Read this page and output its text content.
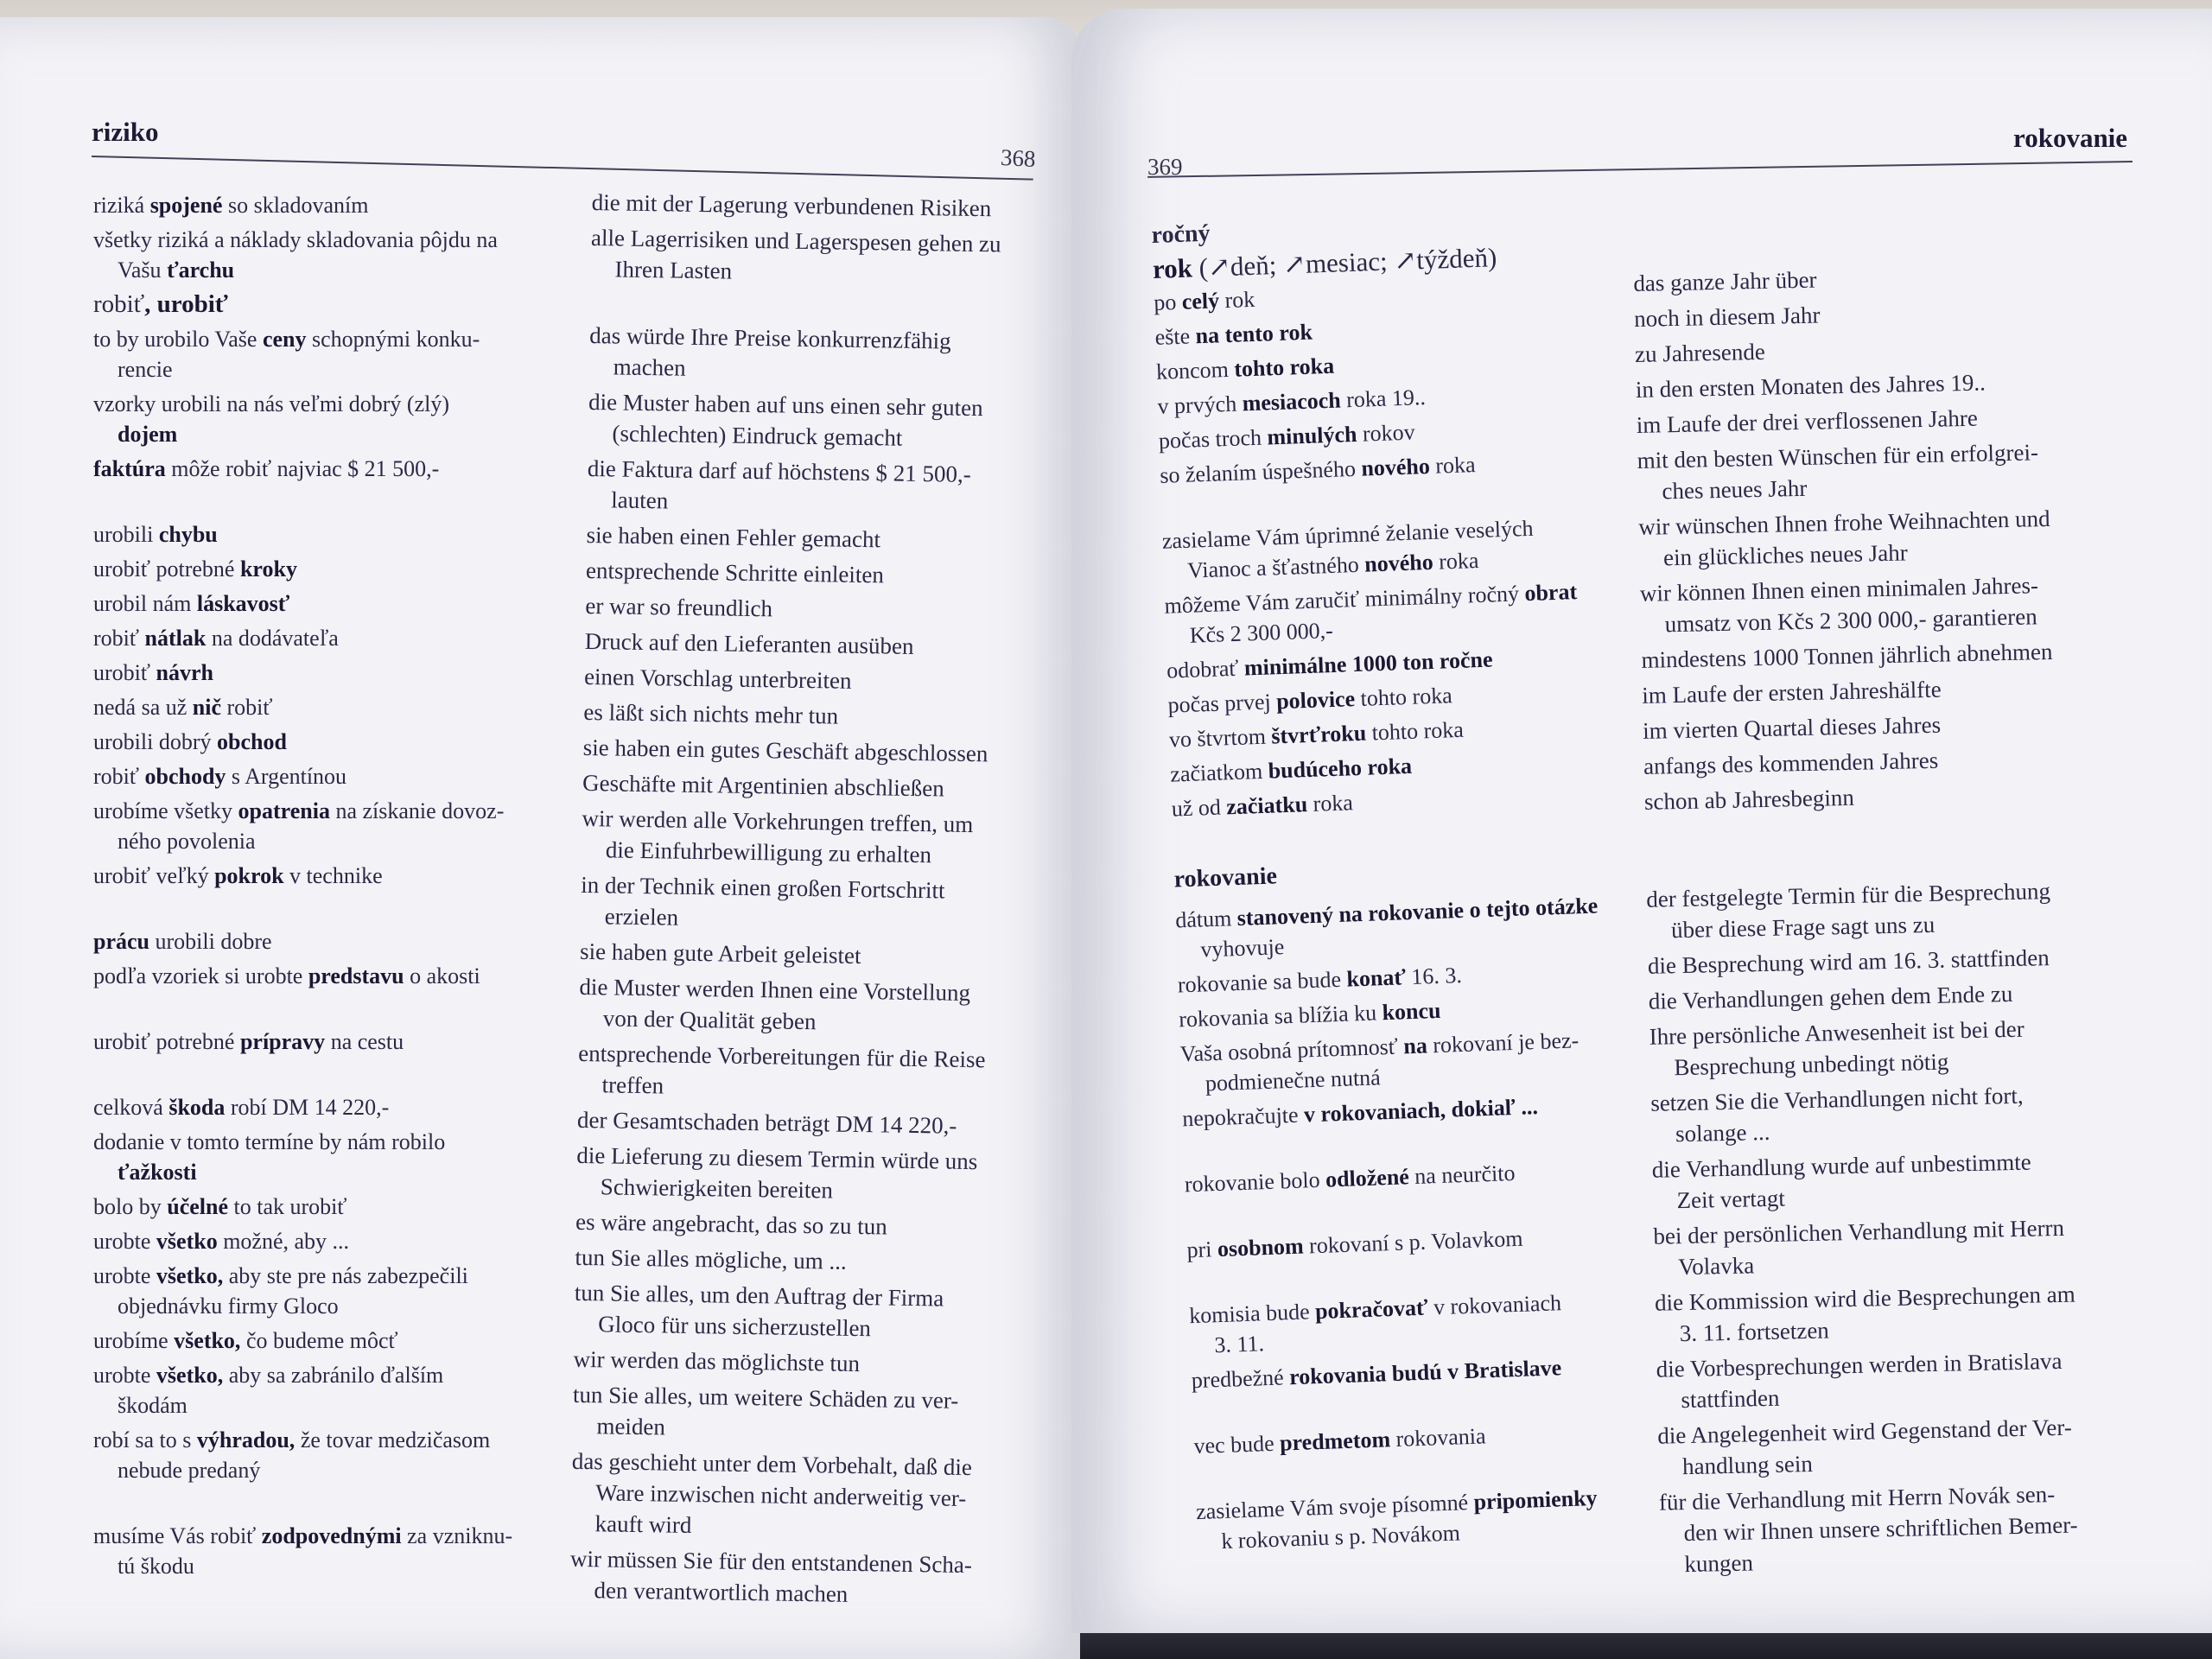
riziko
368
riziká spojené so skladovaním
všetky riziká a náklady skladovania pôjdu na
Vašu ťarchu
robiť, urobiť
to by urobilo Vaše ceny schopnými konku-
rencie
vzorky urobili na nás veľmi dobrý (zlý)
dojem
faktúra môže robiť najviac $ 21 500,-
urobili chybu
urobiť potrebné kroky
urobil nám láskavosť
robiť nátlak na dodávateľa
urobiť návrh
nedá sa už nič robiť
urobili dobrý obchod
robiť obchody s Argentínou
urobíme všetky opatrenia na získanie dovoz-
ného povolenia
urobiť veľký pokrok v technike
prácu urobili dobre
podľa vzoriek si urobte predstavu o akosti
urobiť potrebné prípravy na cestu
celková škoda robí DM 14 220,-
dodanie v tomto termíne by nám robilo
ťažkosti
bolo by účelné to tak urobiť
urobte všetko možné, aby ...
urobte všetko, aby ste pre nás zabezpečili
objednávku firmy Gloco
urobíme všetko, čo budeme môcť
urobte všetko, aby sa zabránilo ďalším
škodám
robí sa to s výhradou, že tovar medzičasom
nebude predaný
musíme Vás robiť zodpovednými za vzniknu-
tú škodu
die mit der Lagerung verbundenen Risiken
alle Lagerrisiken und Lagerspesen gehen zu
Ihren Lasten
das würde Ihre Preise konkurrenzfähig
machen
die Muster haben auf uns einen sehr guten
(schlechten) Eindruck gemacht
die Faktura darf auf höchstens $ 21 500,-
lauten
sie haben einen Fehler gemacht
entsprechende Schritte einleiten
er war so freundlich
Druck auf den Lieferanten ausüben
einen Vorschlag unterbreiten
es läßt sich nichts mehr tun
sie haben ein gutes Geschäft abgeschlossen
Geschäfte mit Argentinien abschließen
wir werden alle Vorkehrungen treffen, um
die Einfuhrbewilligung zu erhalten
in der Technik einen großen Fortschritt
erzielen
sie haben gute Arbeit geleistet
die Muster werden Ihnen eine Vorstellung
von der Qualität geben
entsprechende Vorbereitungen für die Reise
treffen
der Gesamtschaden beträgt DM 14 220,-
die Lieferung zu diesem Termin würde uns
Schwierigkeiten bereiten
es wäre angebracht, das so zu tun
tun Sie alles mögliche, um ...
tun Sie alles, um den Auftrag der Firma
Gloco für uns sicherzustellen
wir werden das möglichste tun
tun Sie alles, um weitere Schäden zu ver-
meiden
das geschieht unter dem Vorbehalt, daß die
Ware inzwischen nicht anderweitig ver-
kauft wird
wir müssen Sie für den entstandenen Scha-
den verantwortlich machen
369
rokovanie
ročný
rok (↗deň; ↗mesiac; ↗týždeň)
po celý rok
ešte na tento rok
koncom tohto roka
v prvých mesiacoch roka 19..
počas troch minulých rokov
so želaním úspešného nového roka
zasielame Vám úprimné želanie veselých
Vianoc a šťastného nového roka
môžeme Vám zaručiť minimálny ročný obrat
Kčs 2 300 000,-
odobrať minimálne 1000 ton ročne
počas prvej polovice tohto roka
vo štvrtom štvrťroku tohto roka
začiatkom budúceho roka
už od začiatku roka
rokovanie
dátum stanovený na rokovanie o tejto otázke
vyhovuje
rokovanie sa bude konať 16. 3.
rokovania sa blížia ku koncu
Vaša osobná prítomnosť na rokovaní je bez-
podmienečne nutná
nepokračujte v rokovaniach, dokiaľ ...
rokovanie bolo odložené na neurčito
pri osobnom rokovaní s p. Volavkom
komisia bude pokračovať v rokovaniach
3. 11.
predbežné rokovania budú v Bratislave
vec bude predmetom rokovania
zasielame Vám svoje písomné pripomienky
k rokovaniu s p. Novákom
das ganze Jahr über
noch in diesem Jahr
zu Jahresende
in den ersten Monaten des Jahres 19..
im Laufe der drei verflossenen Jahre
mit den besten Wünschen für ein erfolgrei-
ches neues Jahr
wir wünschen Ihnen frohe Weihnachten und
ein glückliches neues Jahr
wir können Ihnen einen minimalen Jahres-
umsatz von Kčs 2 300 000,- garantieren
mindestens 1000 Tonnen jährlich abnehmen
im Laufe der ersten Jahreshälfte
im vierten Quartal dieses Jahres
anfangs des kommenden Jahres
schon ab Jahresbeginn
der festgelegte Termin für die Besprechung
über diese Frage sagt uns zu
die Besprechung wird am 16. 3. stattfinden
die Verhandlungen gehen dem Ende zu
Ihre persönliche Anwesenheit ist bei der
Besprechung unbedingt nötig
setzen Sie die Verhandlungen nicht fort,
solange ...
die Verhandlung wurde auf unbestimmte
Zeit vertagt
bei der persönlichen Verhandlung mit Herrn
Volavka
die Kommission wird die Besprechungen am
3. 11. fortsetzen
die Vorbesprechungen werden in Bratislava
stattfinden
die Angelegenheit wird Gegenstand der Ver-
handlung sein
für die Verhandlung mit Herrn Novák sen-
den wir Ihnen unsere schriftlichen Bemer-
kungen
